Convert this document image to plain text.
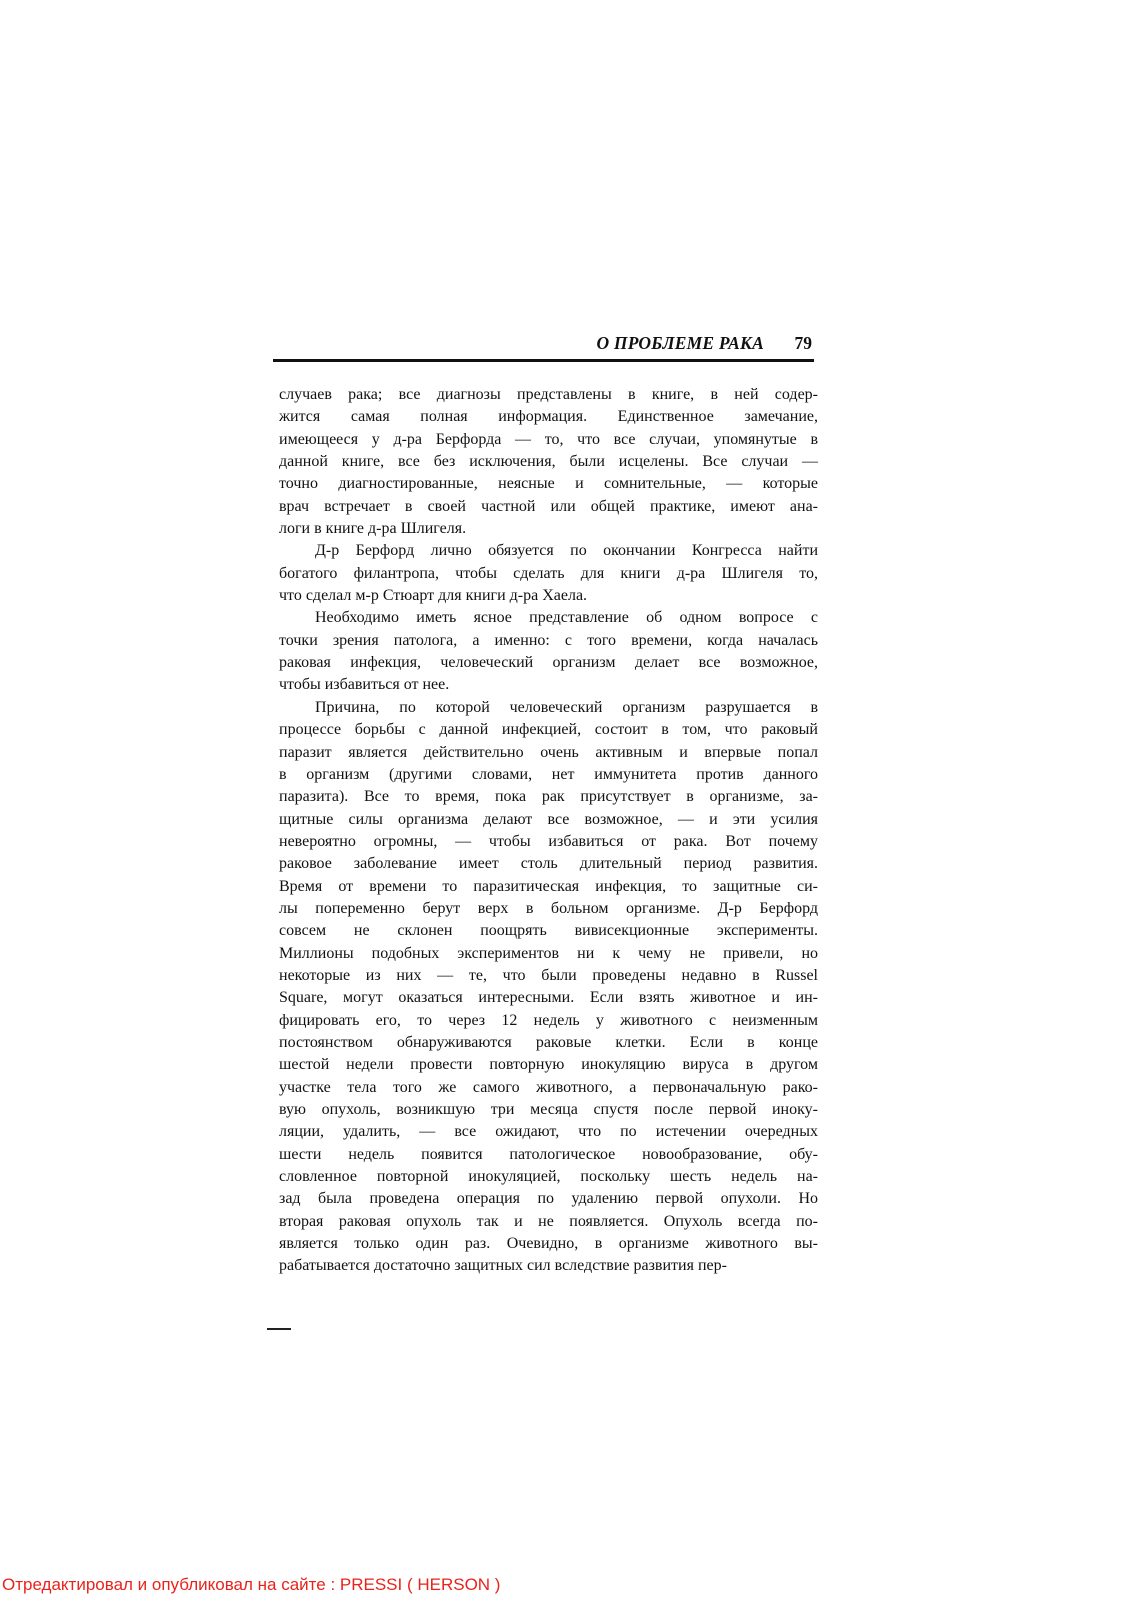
О ПРОБЛЕМЕ РАКА 79

случаев рака; все диагнозы представлены в книге, в ней содер-
жится самая полная информация. Единственное замечание,
имеющееся у д-ра Берфорда — то, что все случаи, упомянутые в
данной книге, все без исключения, были исцелены. Все случаи —
точно диагностированные, неясные и сомнительные, — которые
врач встречает в своей частной или общей практике, имеют ана-
логи в книге д-ра Шлигеля.

Д-р Берфорд лично обязуется по окончании Конгресса найти
богатого филантропа, чтобы сделать для книги д-ра Шлигеля то,
что сделал м-р Стюарт для книги д-ра Хаела.

Необходимо иметь ясное представление об одном вопросе с
точки зрения патолога, а именно: с того времени, когда началась
раковая инфекция, человеческий организм делает все возможное,
чтобы избавиться от нее.

Причина, по которой человеческий организм разрушается в
процессе борьбы с данной инфекцией, состоит в том, что раковый
паразит является действительно очень активным и впервые попал
в организм (другими словами, нет иммунитета против данного
паразита). Все то время, пока рак присутствует в организме, за-
щитные силы организма делают все возможное, — и эти усилия
невероятно огромны, — чтобы избавиться от рака. Вот почему
раковое заболевание имеет столь длительный период развития.
Время от времени то паразитическая инфекция, то защитные си-
лы попеременно берут верх в больном организме. Д-р Берфорд
совсем не склонен поощрять вивисекционные эксперименты.
Миллионы подобных экспериментов ни к чему не привели, но
некоторые из них — те, что были проведены недавно в Russel
Square, могут оказаться интересными. Если взять животное и ин-
фицировать его, то через 12 недель у животного с неизменным
постоянством обнаруживаются раковые клетки. Если в конце
шестой недели провести повторную инокуляцию вируса в другом
участке тела того же самого животного, а первоначальную рако-
вую опухоль, возникшую три месяца спустя после первой иноку-
ляции, удалить, — все ожидают, что по истечении очередных
шести недель появится патологическое новообразование, обу-
словленное повторной инокуляцией, поскольку шесть недель на-
зад была проведена операция по удалению первой опухоли. Но
вторая раковая опухоль так и не появляется. Опухоль всегда по-
является только один раз. Очевидно, в организме животного вы-
рабатывается достаточно защитных сил вследствие развития пер-

Отредактировал и опубликовал на сайте : PRESSI ( HERSON )
